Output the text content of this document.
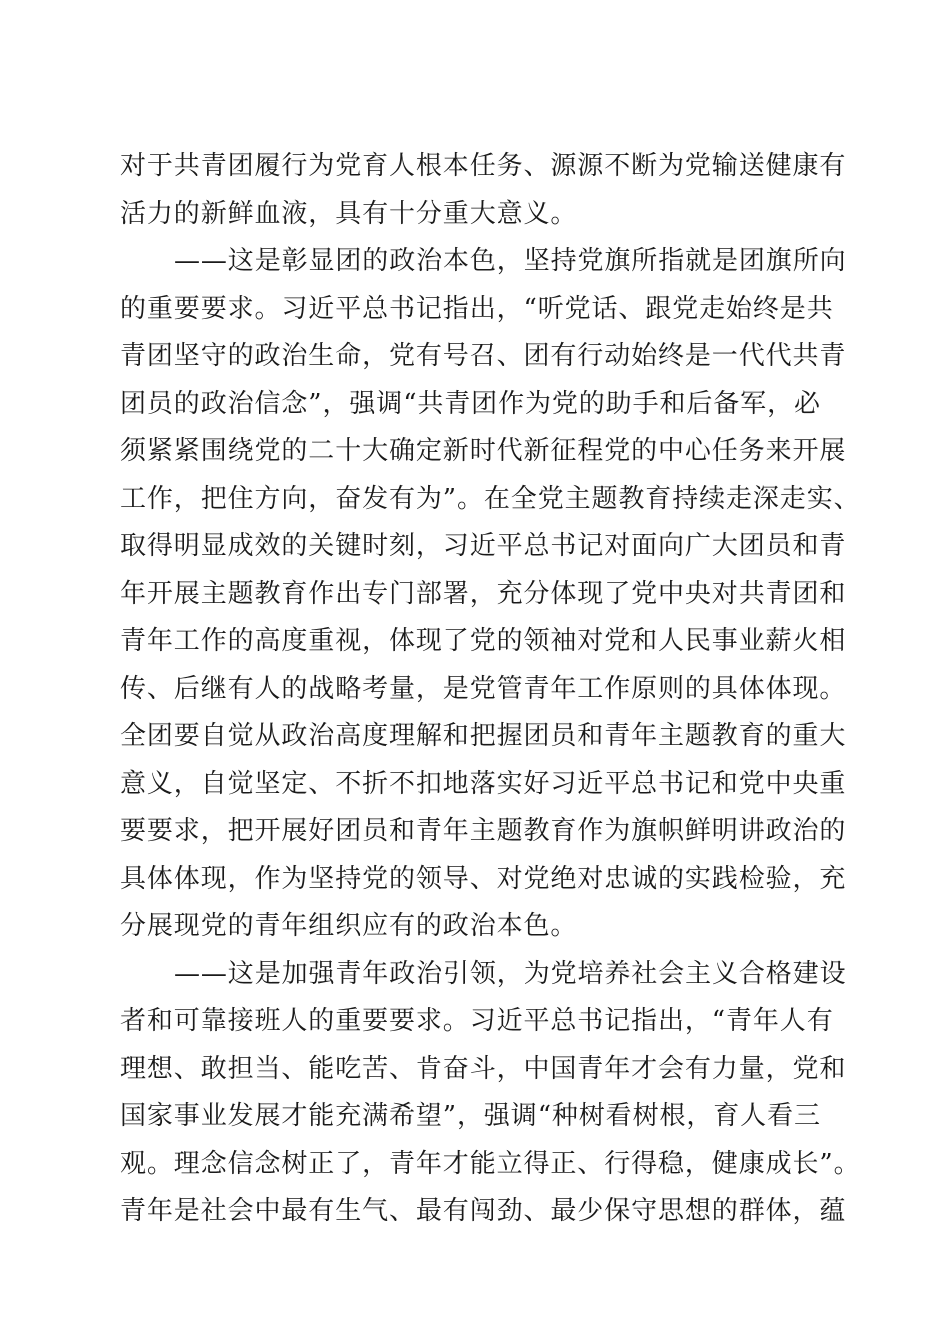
对于共青团履行为党育人根本任务、源源不断为党输送健康有
活力的新鲜血液，具有十分重大意义。
——这是彰显团的政治本色，坚持党旗所指就是团旗所向
的重要要求。习近平总书记指出，“听党话、跟党走始终是共
青团坚守的政治生命，党有号召、团有行动始终是一代代共青
团员的政治信念”，强调“共青团作为党的助手和后备军，必
须紧紧围绕党的二十大确定新时代新征程党的中心任务来开展
工作，把住方向，奋发有为”。在全党主题教育持续走深走实、
取得明显成效的关键时刻，习近平总书记对面向广大团员和青
年开展主题教育作出专门部署，充分体现了党中央对共青团和
青年工作的高度重视，体现了党的领袖对党和人民事业薪火相
传、后继有人的战略考量，是党管青年工作原则的具体体现。
全团要自觉从政治高度理解和把握团员和青年主题教育的重大
意义，自觉坚定、不折不扣地落实好习近平总书记和党中央重
要要求，把开展好团员和青年主题教育作为旗帜鲜明讲政治的
具体体现，作为坚持党的领导、对党绝对忠诚的实践检验，充
分展现党的青年组织应有的政治本色。
——这是加强青年政治引领，为党培养社会主义合格建设
者和可靠接班人的重要要求。习近平总书记指出，“青年人有
理想、敢担当、能吃苦、肯奋斗，中国青年才会有力量，党和
国家事业发展才能充满希望”，强调“种树看树根，育人看三
观。理念信念树正了，青年才能立得正、行得稳，健康成长”。
青年是社会中最有生气、最有闯劲、最少保守思想的群体，蕴
